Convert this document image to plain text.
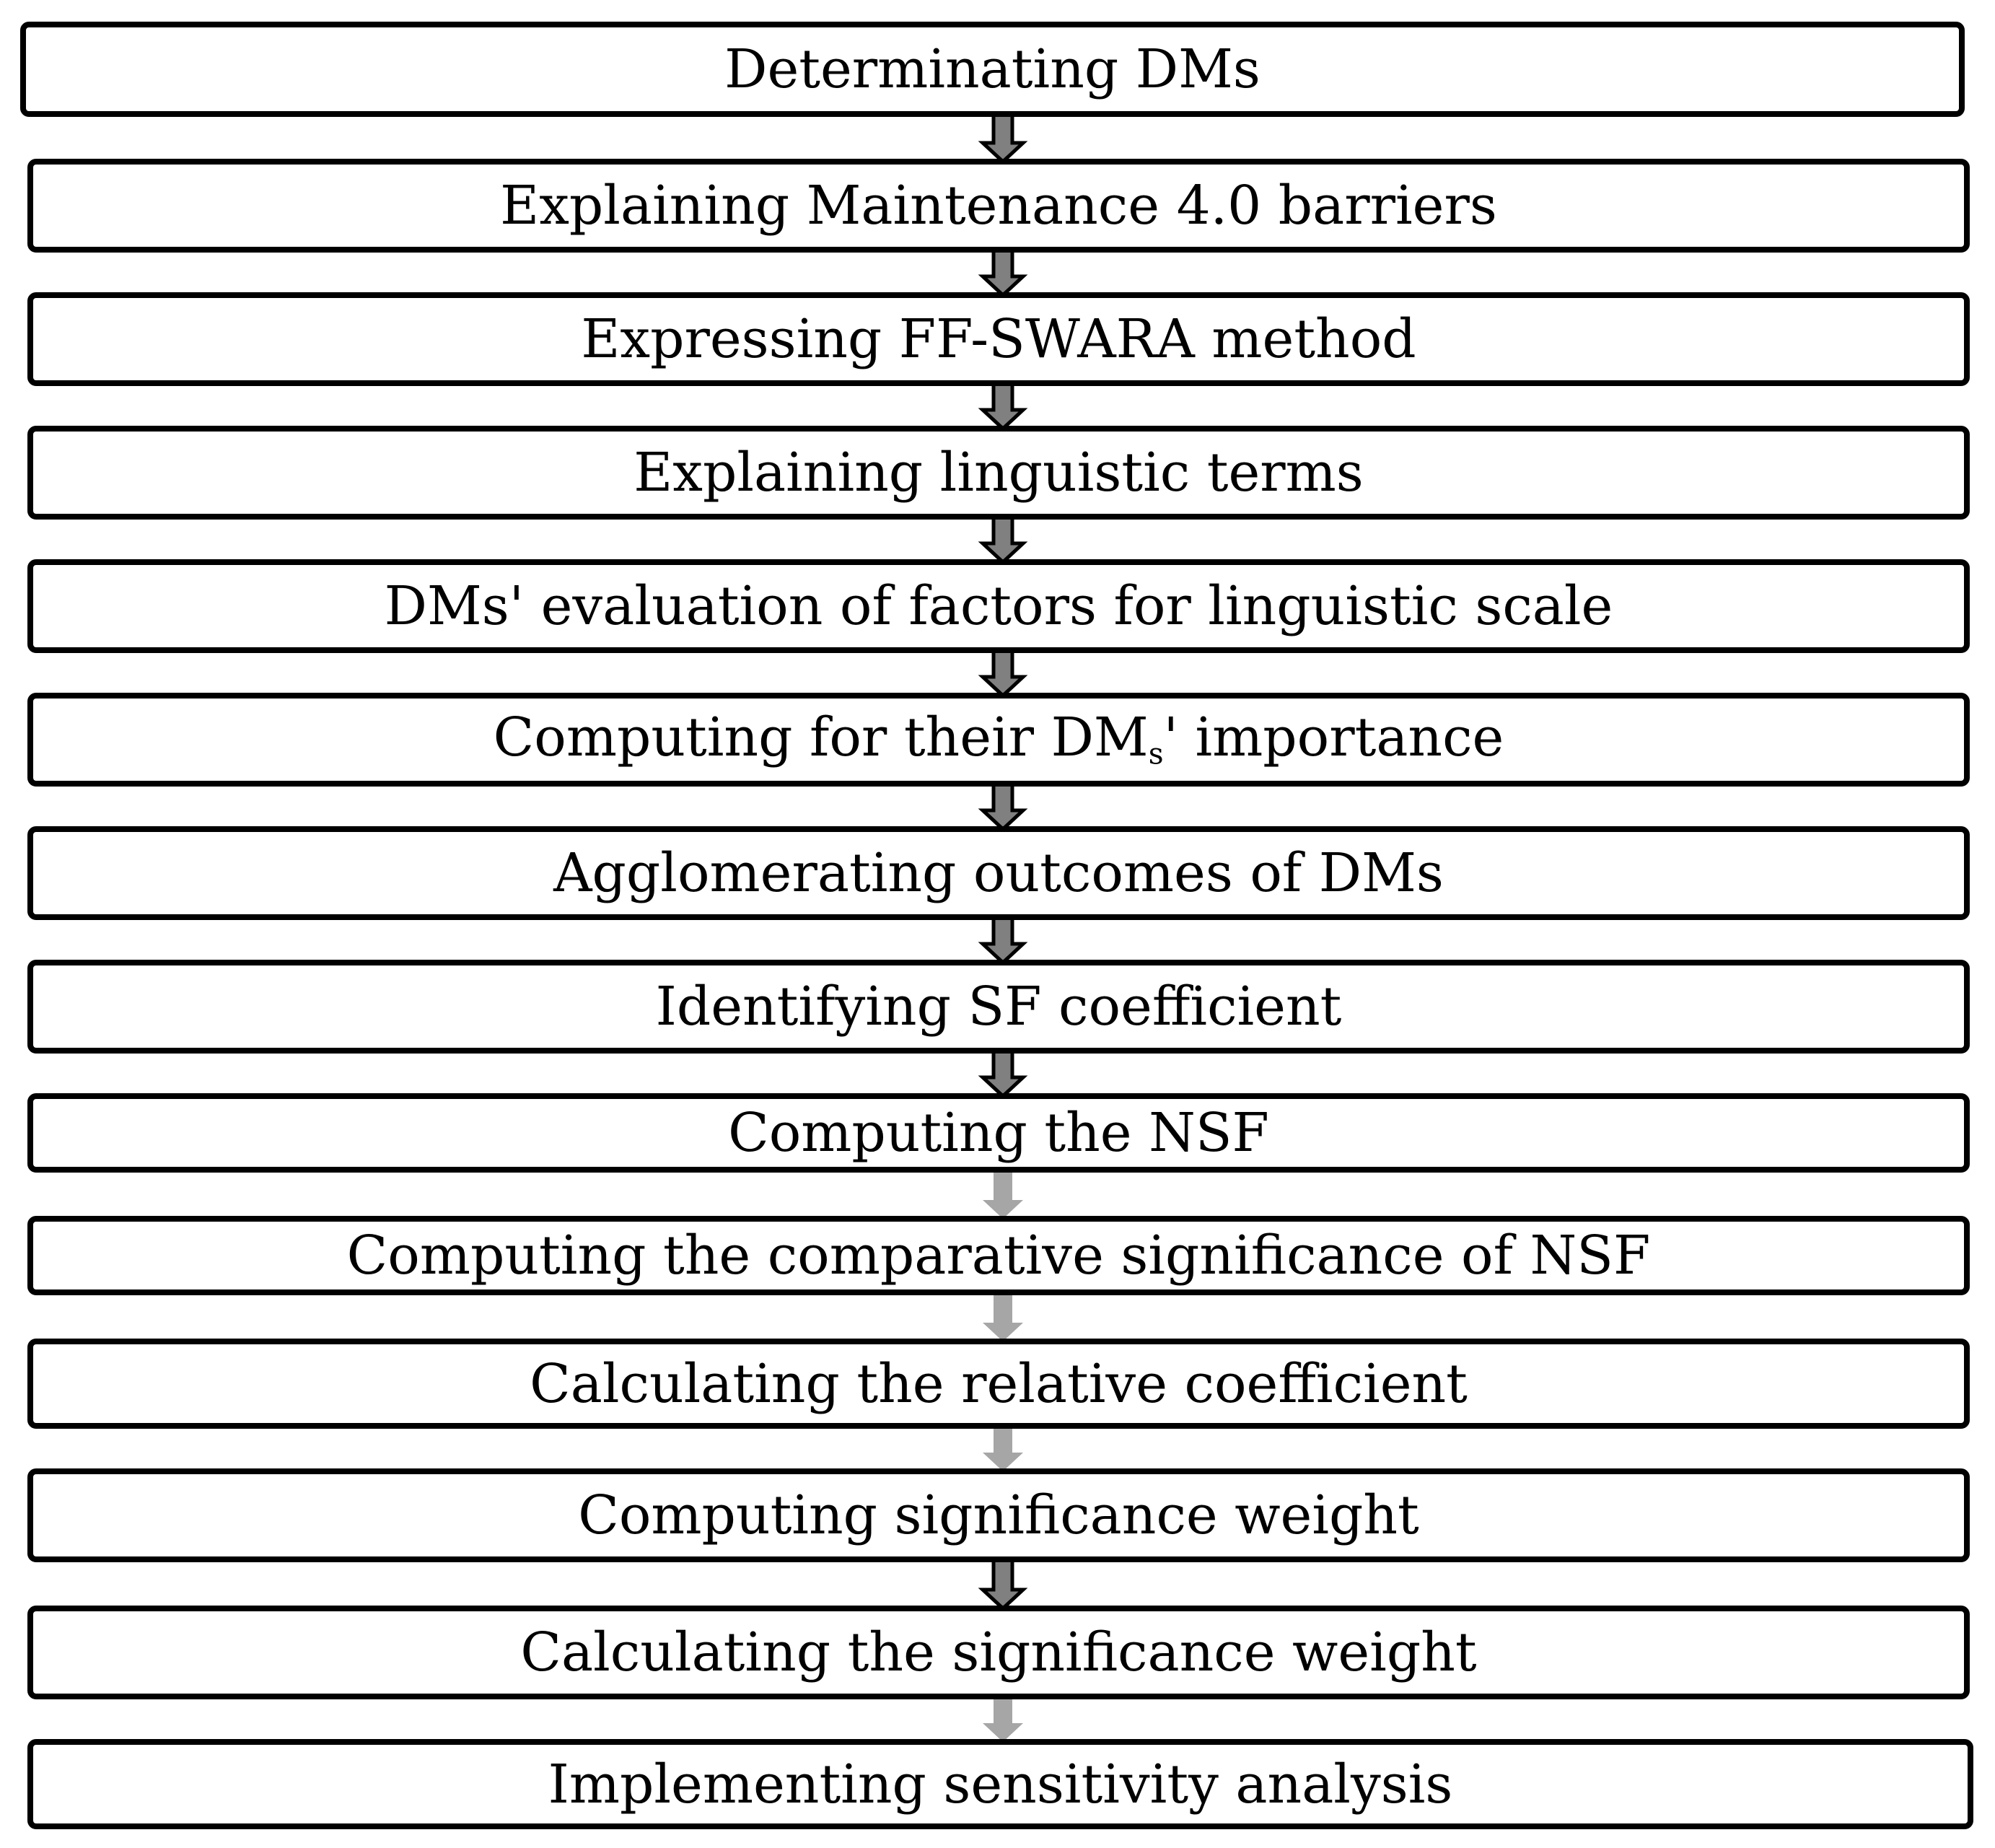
Determinating DMs
Explaining Maintenance 4.0 barriers
Expressing FF-SWARA method
Explaining linguistic terms
DMs' evaluation of factors for linguistic scale
Computing for their $DM_s'$ importance
Agglomerating outcomes of DMs
Identifying SF coefficient
Computing the NSF
Computing the comparative significance of NSF
Calculating the relative coefficient
Computing significance weight
Calculating the significance weight
Implementing sensitivity analysis
